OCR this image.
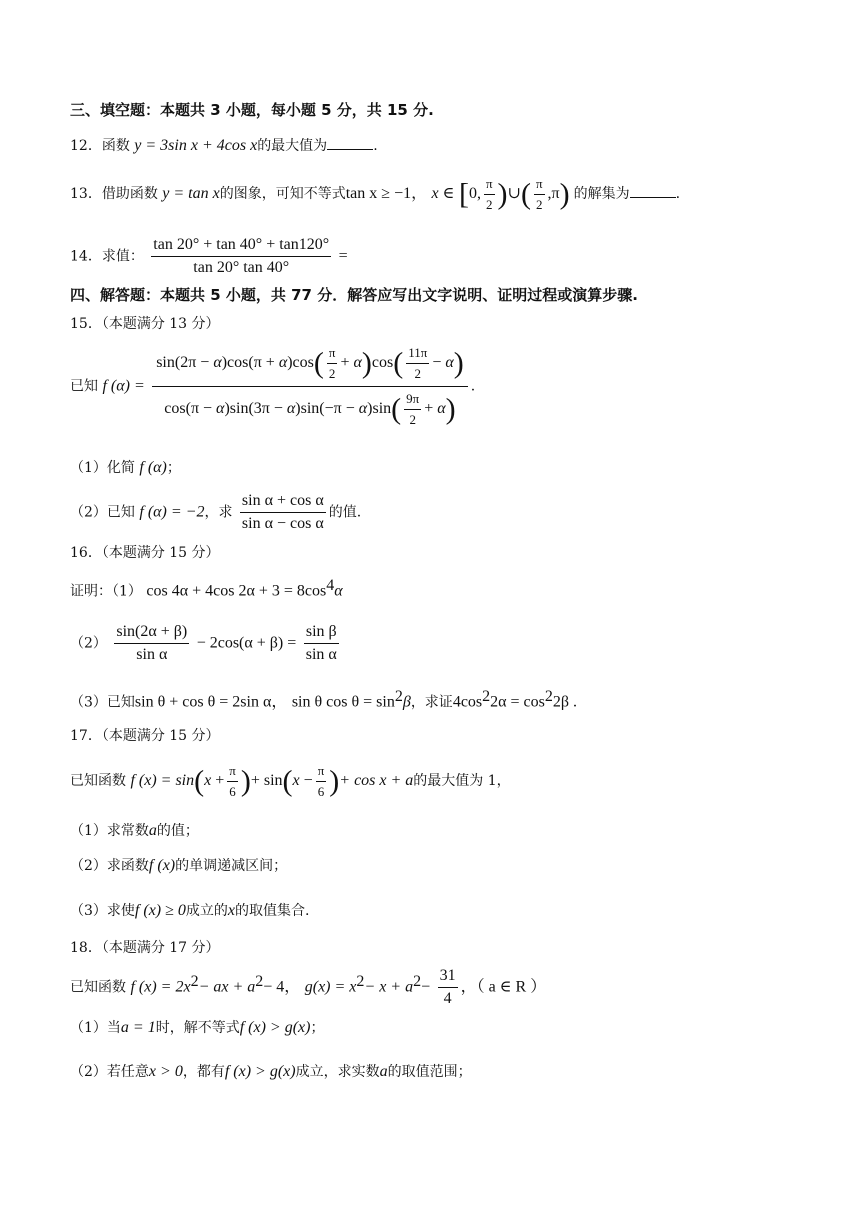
三、填空题：本题共 3 小题，每小题 5 分，共 15 分.
12．函数 y = 3sin x + 4cos x的最大值为	.
13．借助函数 y = tan x的图象，可知不等式tan x ≥ −1， x ∈ [0, $\frac{\pi}{2}$ )∪( $\frac{\pi}{2} ,\pi$) 的解集为	.
14．求值： $\frac{\tan 20^\circ + \tan 40^\circ + \tan 120^\circ}{\tan 20^\circ \tan 40^\circ}$ =
四、解答题：本题共 5 小题，共 77 分．解答应写出文字说明、证明过程或演算步骤.
15．（本题满分 13 分）
已知 f $(\alpha) = \frac{\sin(2\pi - \alpha)\cos(\pi + \alpha)\cos( \frac{\pi}{2} + \alpha)\cos( \frac{11\pi}{2} - \alpha)}{\cos(\pi - \alpha)\sin(3\pi - \alpha)\sin(-\pi - \alpha)\sin( \frac{9\pi}{2} + \alpha)}$ .
（1）化简 f (α)；
（2）已知 f (α) = −2，求 $\frac{\text{sin α + cos α}}{\text{sin α − cos α}}$ 的值.
16．（本题满分 15 分）
证明：（1） cos 4α + 4cos $2\alpha + 3 = 8\cos^4\alpha$
$(2) \frac{\sin(2\alpha + \beta)}{\text{sin α}} - 2\cos(\alpha + \beta) = \frac{\text{sin β}}{\text{sin α}}$
（3）已知sin θ + cos θ = 2sin α， sin θ $\cos \theta = \sin^2\beta$，求证$4\cos^22\alpha = \cos^22\beta$ .
17．（本题满分 15 分）
已知函数 f $(x) = \sin(x + \frac{\pi}{6}$ )+ $\sin(x - \frac{\pi}{6}$ )+ cos x + a的最大值为 1，
（1）求常数a的值；
（2）求函数f (x)的单调递减区间；
（3）求使f (x) ≥ 0成立的x的取值集合.
18．（本题满分 17 分）
已知函数 f $(x) = 2x^2-$ ax + $a^2- 4$， $g(x) = x^2- x + a^2- \frac{31}{4}$ ，（ a ∈ R ）
（1）当a = 1时，解不等式f (x) > g(x)；
（2）若任意x > 0，都有f (x) > g(x)成立，求实数a的取值范围；
